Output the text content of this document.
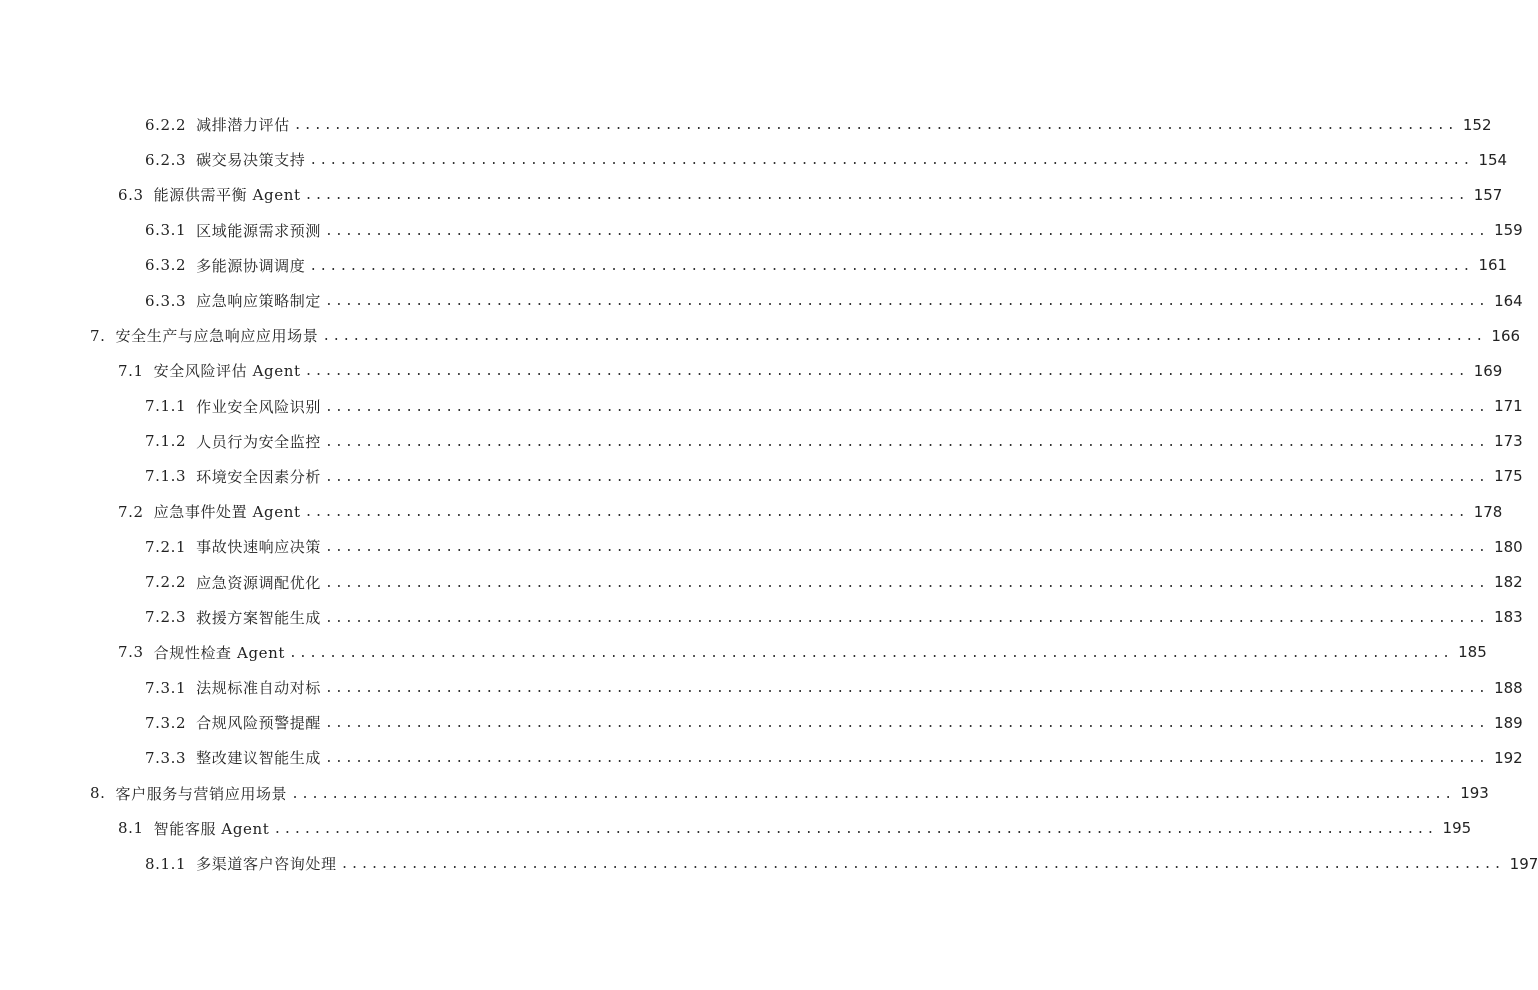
6.2.2 减排潜力评估 .................................................................................................................... 152
6.2.3 碳交易决策支持 .................................................................................................................... 154
6.3 能源供需平衡 Agent .................................................................................................................... 157
6.3.1 区域能源需求预测 .................................................................................................................... 159
6.3.2 多能源协调调度 .................................................................................................................... 161
6.3.3 应急响应策略制定 .................................................................................................................... 164
7. 安全生产与应急响应应用场景 .................................................................................................................... 166
7.1 安全风险评估 Agent .................................................................................................................... 169
7.1.1 作业安全风险识别 .................................................................................................................... 171
7.1.2 人员行为安全监控 .................................................................................................................... 173
7.1.3 环境安全因素分析 .................................................................................................................... 175
7.2 应急事件处置 Agent .................................................................................................................... 178
7.2.1 事故快速响应决策 .................................................................................................................... 180
7.2.2 应急资源调配优化 .................................................................................................................... 182
7.2.3 救援方案智能生成 .................................................................................................................... 183
7.3 合规性检查 Agent .................................................................................................................... 185
7.3.1 法规标准自动对标 .................................................................................................................... 188
7.3.2 合规风险预警提醒 .................................................................................................................... 189
7.3.3 整改建议智能生成 .................................................................................................................... 192
8. 客户服务与营销应用场景 .................................................................................................................... 193
8.1 智能客服 Agent .................................................................................................................... 195
8.1.1 多渠道客户咨询处理 .................................................................................................................... 197
